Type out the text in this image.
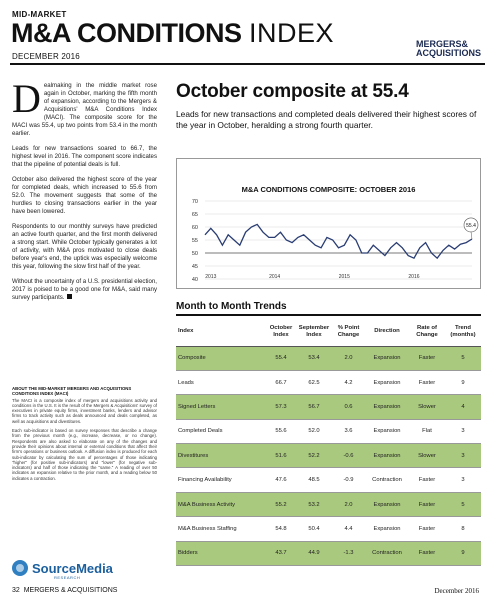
MID-MARKET
M&A CONDITIONS INDEX
DECEMBER 2016
MERGERS&
ACQUISITIONS

Dealmaking in the middle market rose again in October, marking the fifth month of expansion, according to the Mergers & Acquisitions' M&A Conditions Index (MACI). The composite score for the MACI was 55.4, up two points from 53.4 in the month earlier.

Leads for new transactions soared to 66.7, the highest level in 2016. The component score indicates that the pipeline of potential deals is full.

October also delivered the highest score of the year for completed deals, which increased to 55.6 from 52.0. The movement suggests that some of the hurdles to closing transactions earlier in the year have been lowered.

Respondents to our monthly surveys have predicted an active fourth quarter, and the first month delivered a strong start. While October typically generates a lot of activity, with M&A pros motivated to close deals before year's end, the uptick was especially welcome this year, following the slow first half of the year.

Without the uncertainty of a U.S. presidential election, 2017 is poised to be a good one for M&A, said many survey participants.

ABOUT THE MID-MARKET MERGERS AND ACQUISITIONS CONDITIONS INDEX (MACI)

The MACI is a composite index of mergers and acquisitions activity and conditions in the U.S. It is the result of the Mergers & Acquisitions' survey of executives in private equity firms, investment banks, lenders and advisor firms to track activity such as deals announced and deals completed, as well as acquisitions and divestitures.

Each sub-indicator is based on survey responses that describe a change from the previous month (e.g., increase, decrease, or no change). Respondents are also asked to elaborate on any of the changes and provide their opinions about internal or external conditions that affect their firm's operations or business outlook. A diffusion index is produced for each sub-indicator by calculating the sum of percentages of those indicating "higher" (for positive sub-indicators) and "lower" (for negative sub-indicators) and half of those indicating the "same." A reading of over 50 indicates an expansion relative to the prior month, and a reading below 50 indicates a contraction.

SourceMedia
RESEARCH
32 MERGERS & ACQUISITIONS	December 2016
October composite at 55.4
Leads for new transactions and completed deals delivered their highest scores of the year in October, heralding a strong fourth quarter.
M&A CONDITIONS COMPOSITE: OCTOBER 2016
40
45
50
55
60
65
70
2013	2014	2015	2016
55.4
Month to Month Trends
Index	October Index	September Index	% Point Change	Direction	Rate of Change	Trend (months)
Composite	55.4	53.4	2.0	Expansion	Faster	5
Leads	66.7	62.5	4.2	Expansion	Faster	9
Signed Letters	57.3	56.7	0.6	Expansion	Slower	4
Completed Deals	55.6	52.0	3.6	Expansion	Flat	3
Divestitures	51.6	52.2	-0.6	Expansion	Slower	3
Financing Availability	47.6	48.5	-0.9	Contraction	Faster	3
M&A Business Activity	55.2	53.2	2.0	Expansion	Faster	5
M&A Business Staffing	54.8	50.4	4.4	Expansion	Faster	8
Bidders	43.7	44.9	-1.3	Contraction	Faster	9
